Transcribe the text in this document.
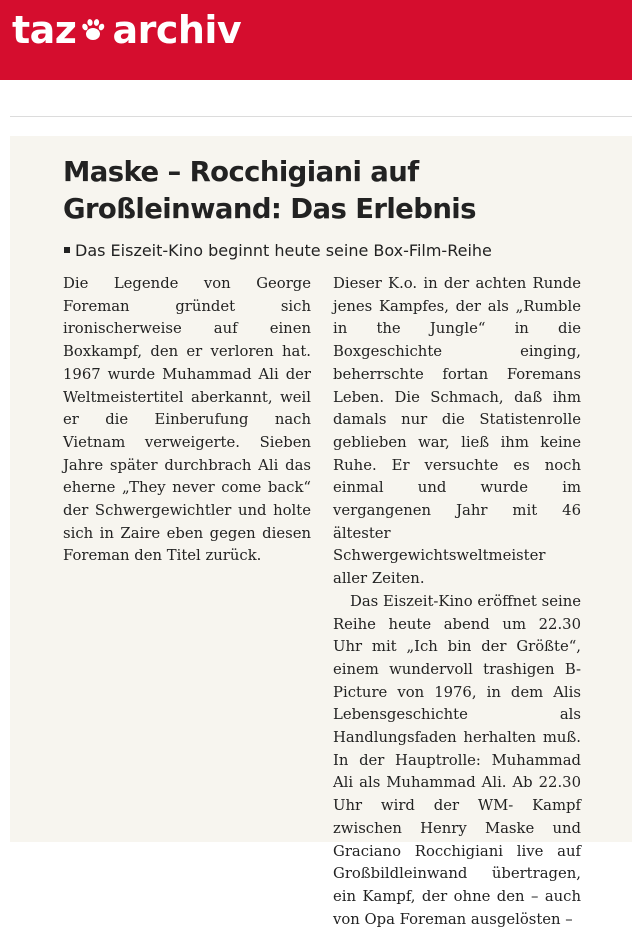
taz archiv
Maske – Rocchigiani auf Großleinwand: Das Erlebnis
Das Eiszeit-Kino beginnt heute seine Box-Film-Reihe

Die Legende von George Foreman gründet sich ironischerweise auf einen Boxkampf, den er verloren hat. 1967 wurde Muhammad Ali der Weltmeistertitel aberkannt, weil er die Einberufung nach Vietnam verweigerte. Sieben Jahre später durchbrach Ali das eherne „They never come back“ der Schwergewichtler und holte sich in Zaire eben gegen diesen Foreman den Titel zurück.

Dieser K.o. in der achten Runde jenes Kampfes, der als „Rumble in the Jungle“ in die Boxgeschichte einging, beherrschte fortan Foremans Leben. Die Schmach, daß ihm damals nur die Statistenrolle geblieben war, ließ ihm keine Ruhe. Er versuchte es noch einmal und wurde im vergangenen Jahr mit 46 ältester Schwergewichtsweltmeister aller Zeiten.

Das Eiszeit-Kino eröffnet seine Reihe heute abend um 22.30 Uhr mit „Ich bin der Größte“, einem wundervoll trashigen B-Picture von 1976, in dem Alis Lebensgeschichte als Handlungsfaden herhalten muß. In der Hauptrolle: Muhammad Ali als Muhammad Ali. Ab 22.30 Uhr wird der WM- Kampf zwischen Henry Maske und Graciano Rocchigiani live auf Großbildleinwand übertragen, ein Kampf, der ohne den – auch von Opa Foreman ausgelösten –
